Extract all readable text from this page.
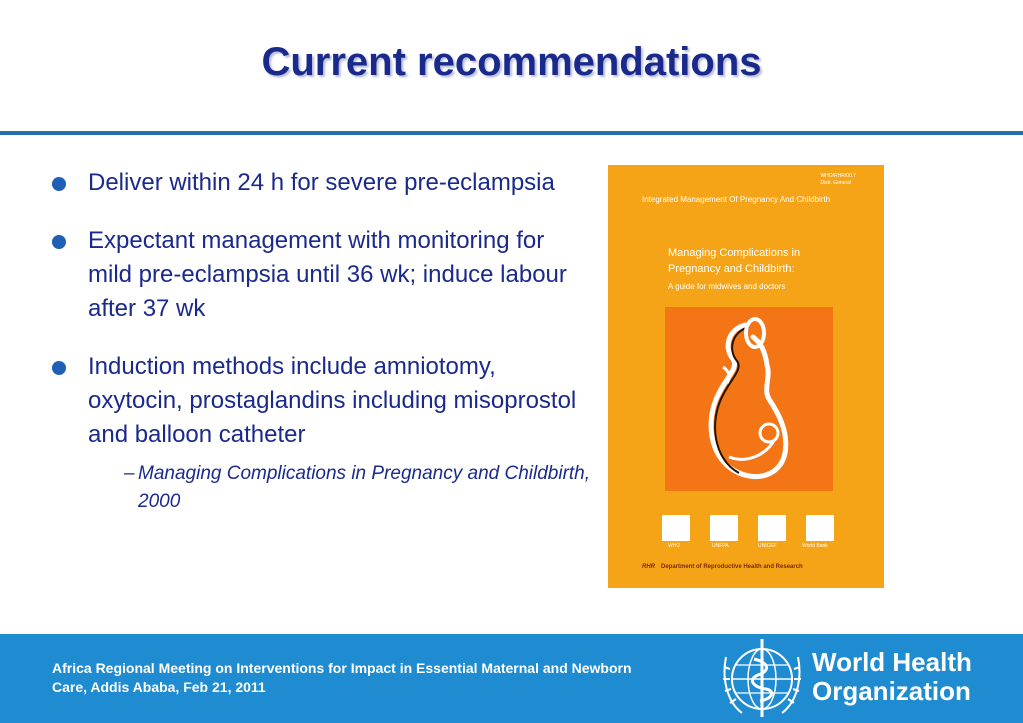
Current recommendations
Deliver within 24 h for severe pre-eclampsia
Expectant management with monitoring for mild pre-eclampsia until 36 wk; induce labour after 37 wk
Induction methods include amniotomy, oxytocin, prostaglandins including misoprostol and balloon catheter
– Managing Complications in Pregnancy and Childbirth, 2000
WHO/RHR/00.7
Distr. General
Integrated Management Of Pregnancy And Childbirth
Managing Complications in
Pregnancy and Childbirth:
A guide for midwives and doctors
WHO	UNFPA	UNICEF	World Bank
RHR Department of Reproductive Health and Research
Africa Regional Meeting on Interventions for Impact in Essential Maternal and Newborn
Care, Addis Ababa, Feb 21, 2011
World Health
Organization
